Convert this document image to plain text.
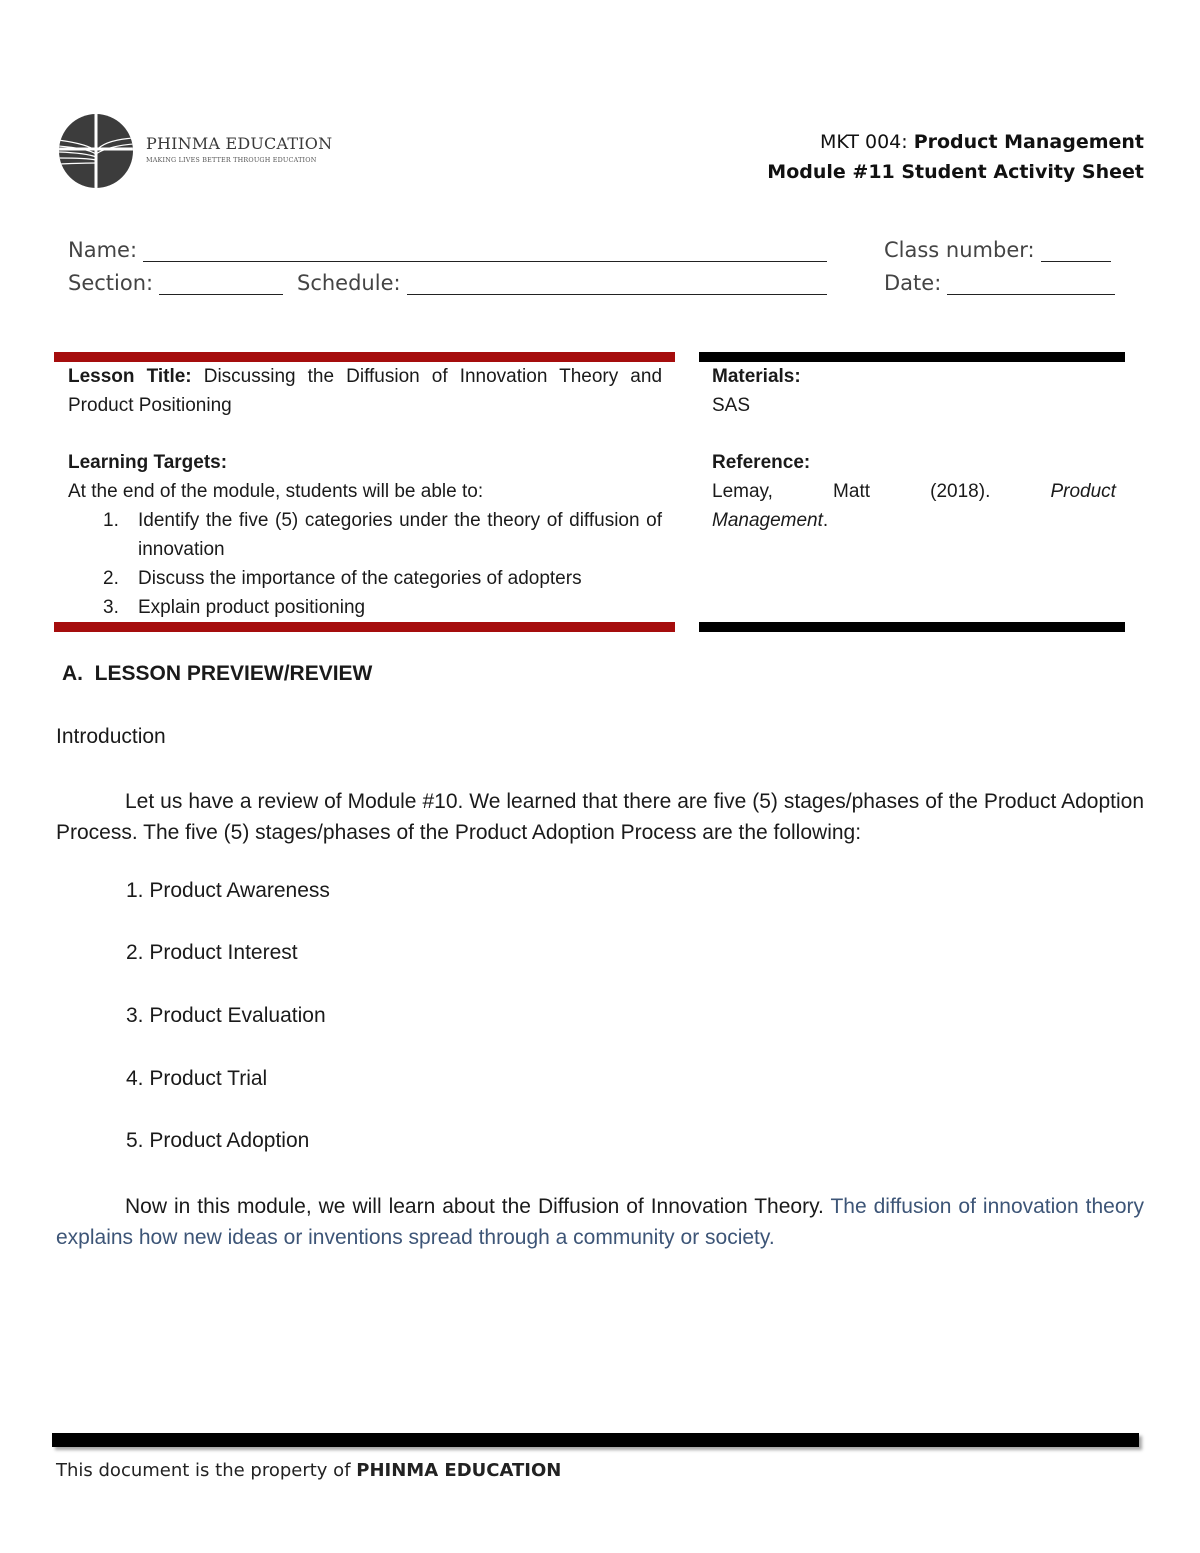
PHINMA EDUCATION
MAKING LIVES BETTER THROUGH EDUCATION
MKT 004: Product Management
Module #11 Student Activity Sheet
Name:	Class number:
Section:	Schedule:	Date:
Lesson Title: Discussing the Diffusion of Innovation Theory and Product Positioning
Learning Targets:
At the end of the module, students will be able to:
1. Identify the five (5) categories under the theory of diffusion of innovation
2. Discuss the importance of the categories of adopters
3. Explain product positioning
Materials:
SAS
Reference:
Lemay,	Matt	(2018).	Product
Management.
A.  LESSON PREVIEW/REVIEW
Introduction
Let us have a review of Module #10. We learned that there are five (5) stages/phases of the Product Adoption Process. The five (5) stages/phases of the Product Adoption Process are the following:
1. Product Awareness
2. Product Interest
3. Product Evaluation
4. Product Trial
5. Product Adoption
Now in this module, we will learn about the Diffusion of Innovation Theory. The diffusion of innovation theory explains how new ideas or inventions spread through a community or society.
This document is the property of PHINMA EDUCATION
